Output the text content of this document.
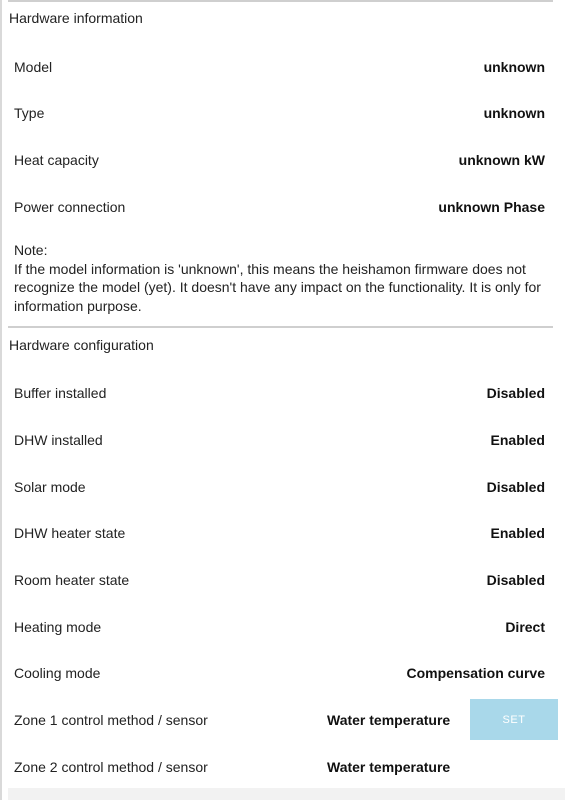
Hardware information
Model	unknown
Type	unknown
Heat capacity	unknown kW
Power connection	unknown Phase
Note:
If the model information is 'unknown', this means the heishamon firmware does not recognize the model (yet). It doesn't have any impact on the functionality. It is only for information purpose.
Hardware configuration
Buffer installed	Disabled
DHW installed	Enabled
Solar mode	Disabled
DHW heater state	Enabled
Room heater state	Disabled
Heating mode	Direct
Cooling mode	Compensation curve
Zone 1 control method / sensor	Water temperature	SET
Zone 2 control method / sensor	Water temperature
